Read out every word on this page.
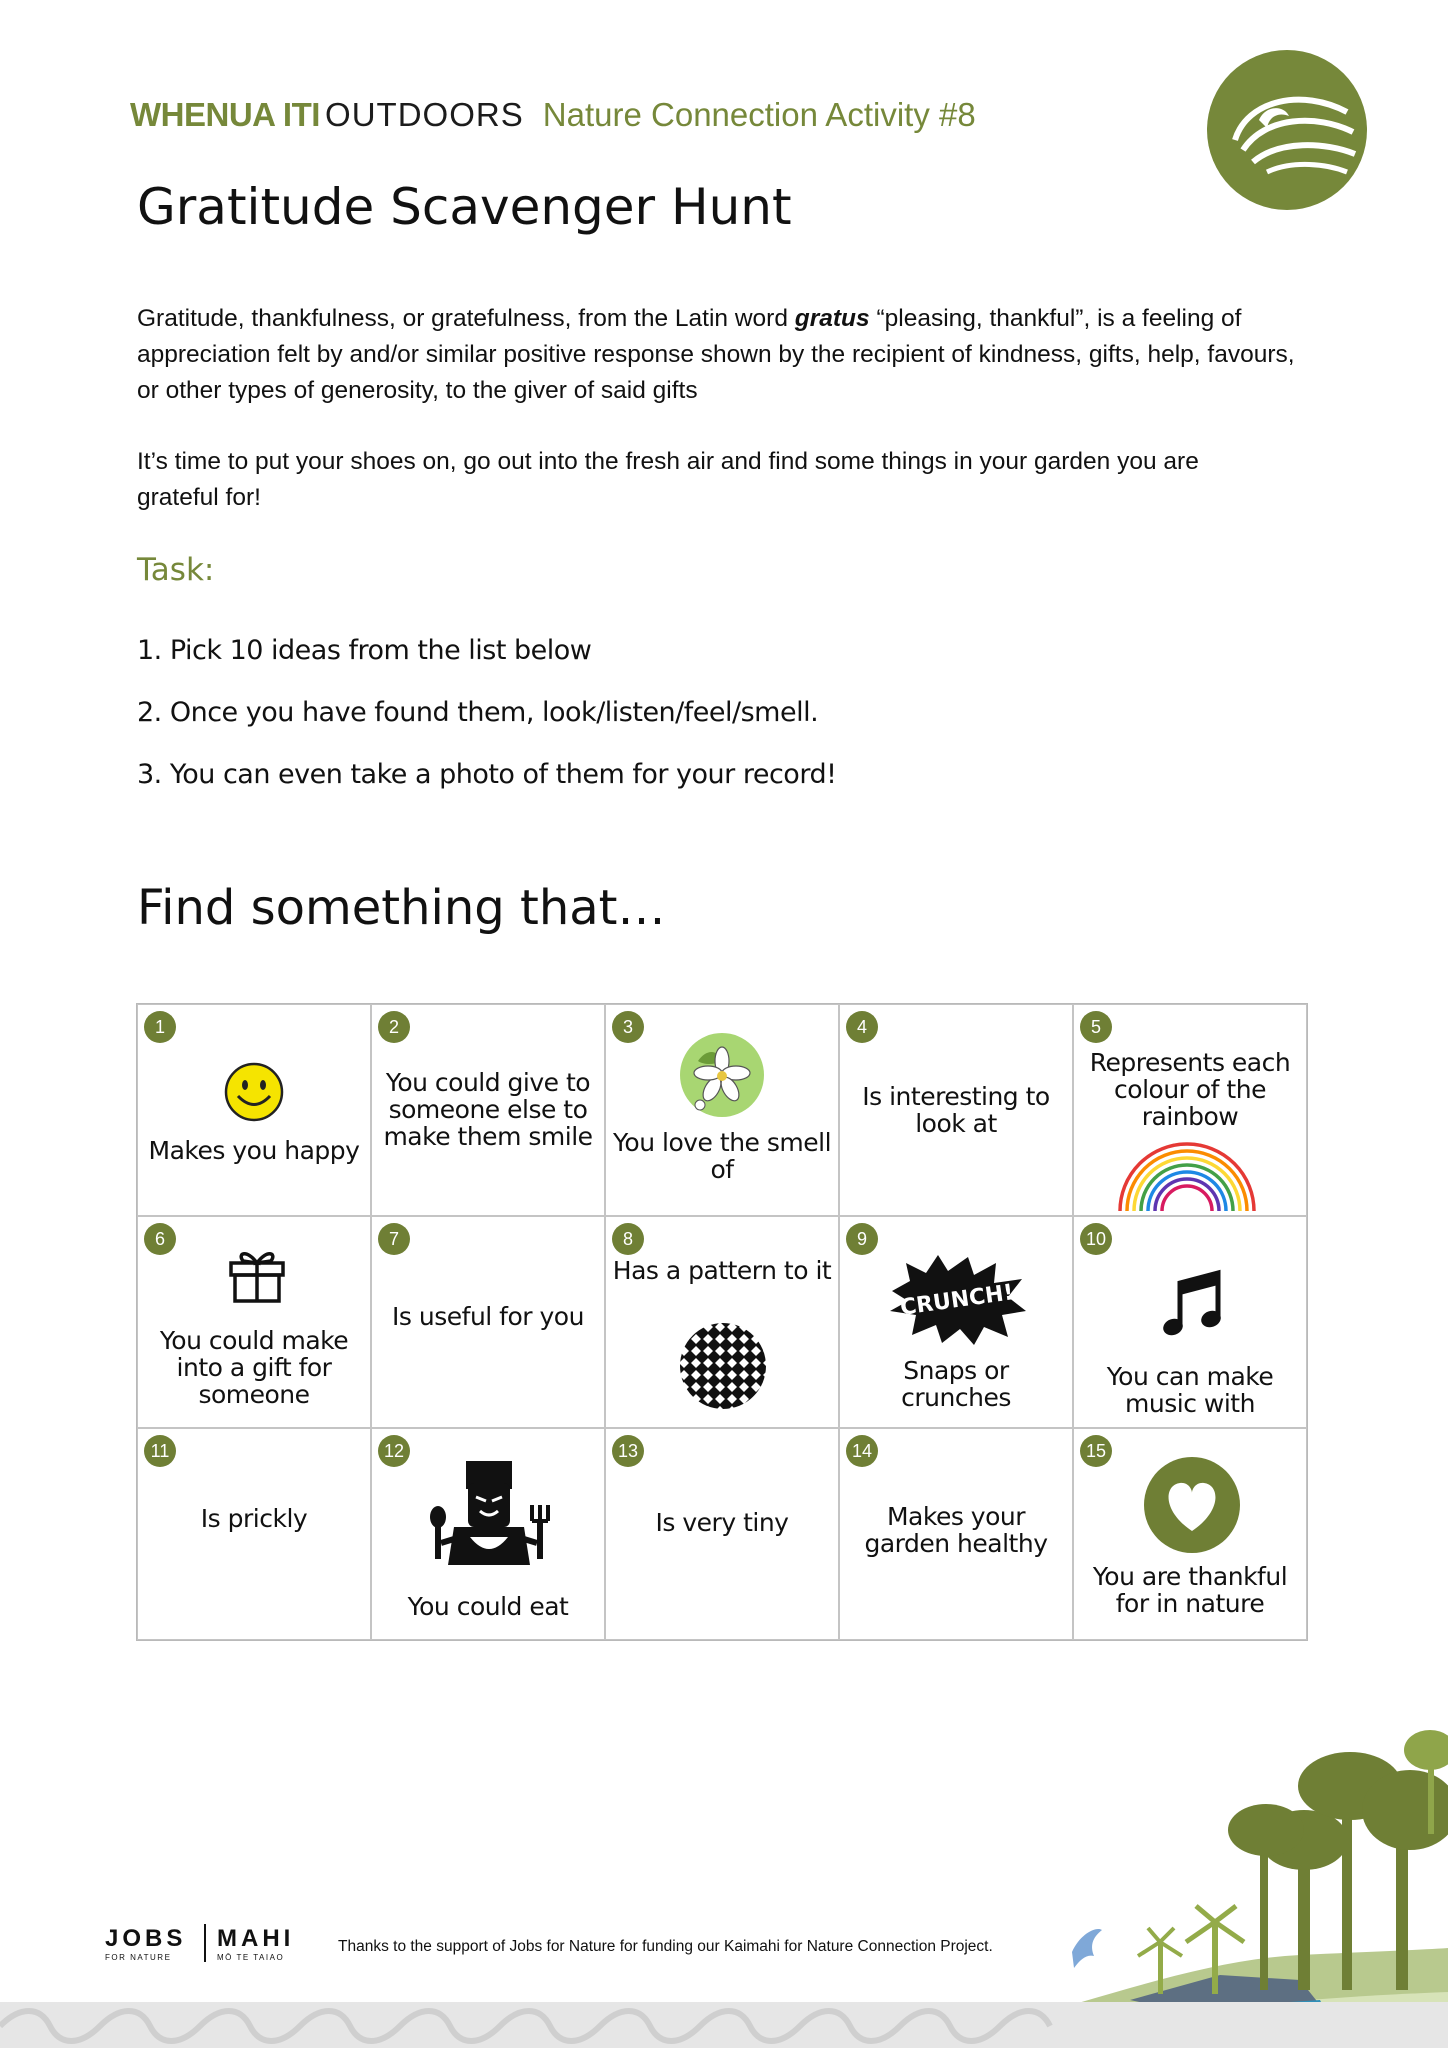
WHENUA ITI OUTDOORS Nature Connection Activity #8
Gratitude Scavenger Hunt

Gratitude, thankfulness, or gratefulness, from the Latin word gratus “pleasing, thankful”, is a feeling of appreciation felt by and/or similar positive response shown by the recipient of kindness, gifts, help, favours, or other types of generosity, to the giver of said gifts

It’s time to put your shoes on, go out into the fresh air and find some things in your garden you are grateful for!

Task:
1. Pick 10 ideas from the list below
2. Once you have found them, look/listen/feel/smell.
3. You can even take a photo of them for your record!
Find something that…
1
Makes you happy
2
You could give to someone else to make them smile
3
You love the smell of
4
Is interesting to look at
5
Represents each colour of the rainbow
6
You could make into a gift for someone
7
Is useful for you
8
Has a pattern to it
9
CRUNCH!
Snaps or crunches
10
You can make music with
11
Is prickly
12
You could eat
13
Is very tiny
14
Makes your garden healthy
15
You are thankful for in nature
JOBS MAHI
FOR NATURE	MŌ TE TAIAO
Thanks to the support of Jobs for Nature for funding our Kaimahi for Nature Connection Project.
